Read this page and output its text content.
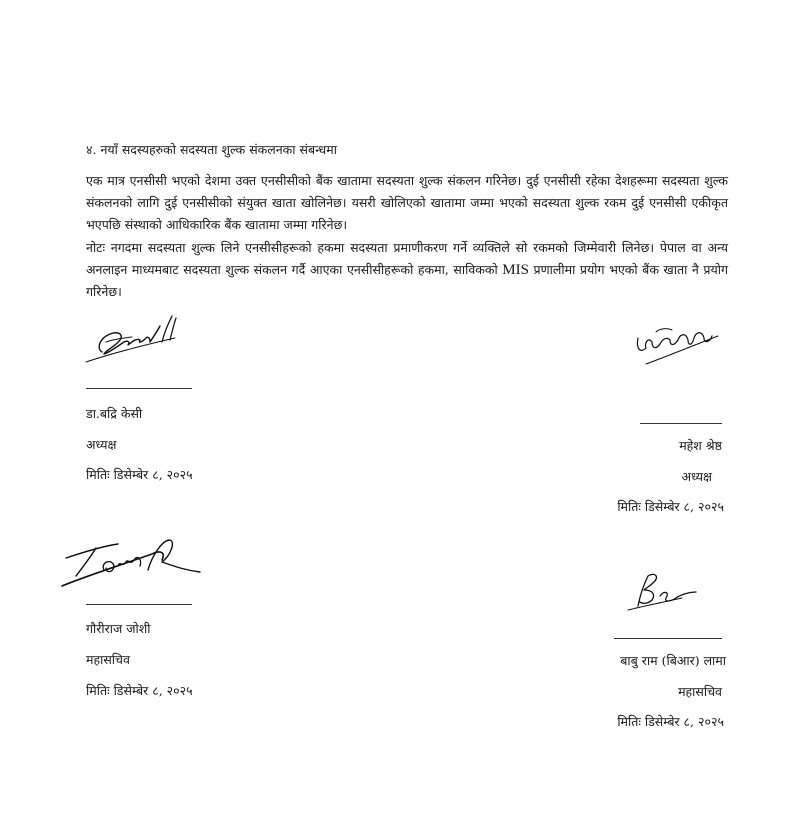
४. नयाँ सदस्यहरुको सदस्यता शुल्क संकलनका संबन्धमा
एक मात्र एनसीसी भएको देशमा उक्त एनसीसीको बैंक खातामा सदस्यता शुल्क संकलन गरिनेछ। दुई एनसीसी रहेका देशहरूमा सदस्यता शुल्क संकलनको लागि दुई एनसीसीको संयुक्त खाता खोलिनेछ। यसरी खोलिएको खातामा जम्मा भएको सदस्यता शुल्क रकम दुई एनसीसी एकीकृत भएपछि संस्थाको आधिकारिक बैंक खातामा जम्मा गरिनेछ।
नोटः नगदमा सदस्यता शुल्क लिने एनसीसीहरूको हकमा सदस्यता प्रमाणीकरण गर्ने व्यक्तिले सो रकमको जिम्मेवारी लिनेछ। पेपाल वा अन्य अनलाइन माध्यमबाट सदस्यता शुल्क संकलन गर्दै आएका एनसीसीहरूको हकमा, साविकको MIS प्रणालीमा प्रयोग भएको बैंक खाता नै प्रयोग गरिनेछ।
डा.बद्रि केसी
अध्यक्ष
मितिः डिसेम्बेर ८, २०२५
महेश श्रेष्ठ
अध्यक्ष
मितिः डिसेम्बेर ८, २०२५
गौरीराज जोशी
महासचिव
मितिः डिसेम्बेर ८, २०२५
बाबु राम (बिआर) लामा
महासचिव
मितिः डिसेम्बेर ८, २०२५
